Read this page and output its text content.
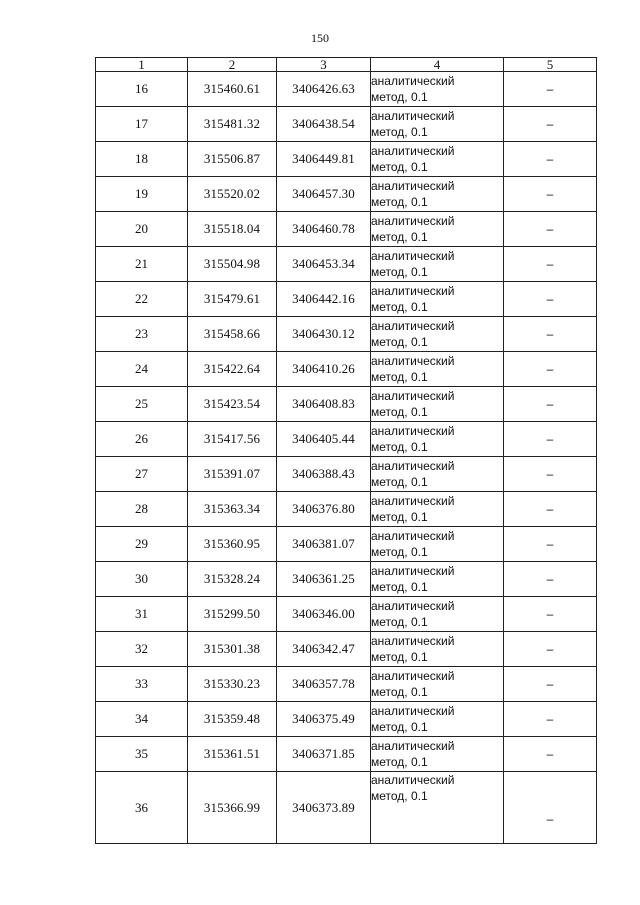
150
1	2	3	4	5
16	315460.61	3406426.63	аналитический
метод, 0.1	–
17	315481.32	3406438.54	аналитический
метод, 0.1	–
18	315506.87	3406449.81	аналитический
метод, 0.1	–
19	315520.02	3406457.30	аналитический
метод, 0.1	–
20	315518.04	3406460.78	аналитический
метод, 0.1	–
21	315504.98	3406453.34	аналитический
метод, 0.1	–
22	315479.61	3406442.16	аналитический
метод, 0.1	–
23	315458.66	3406430.12	аналитический
метод, 0.1	–
24	315422.64	3406410.26	аналитический
метод, 0.1	–
25	315423.54	3406408.83	аналитический
метод, 0.1	–
26	315417.56	3406405.44	аналитический
метод, 0.1	–
27	315391.07	3406388.43	аналитический
метод, 0.1	–
28	315363.34	3406376.80	аналитический
метод, 0.1	–
29	315360.95	3406381.07	аналитический
метод, 0.1	–
30	315328.24	3406361.25	аналитический
метод, 0.1	–
31	315299.50	3406346.00	аналитический
метод, 0.1	–
32	315301.38	3406342.47	аналитический
метод, 0.1	–
33	315330.23	3406357.78	аналитический
метод, 0.1	–
34	315359.48	3406375.49	аналитический
метод, 0.1	–
35	315361.51	3406371.85	аналитический
метод, 0.1	–
36	315366.99	3406373.89	аналитический
метод, 0.1	–
